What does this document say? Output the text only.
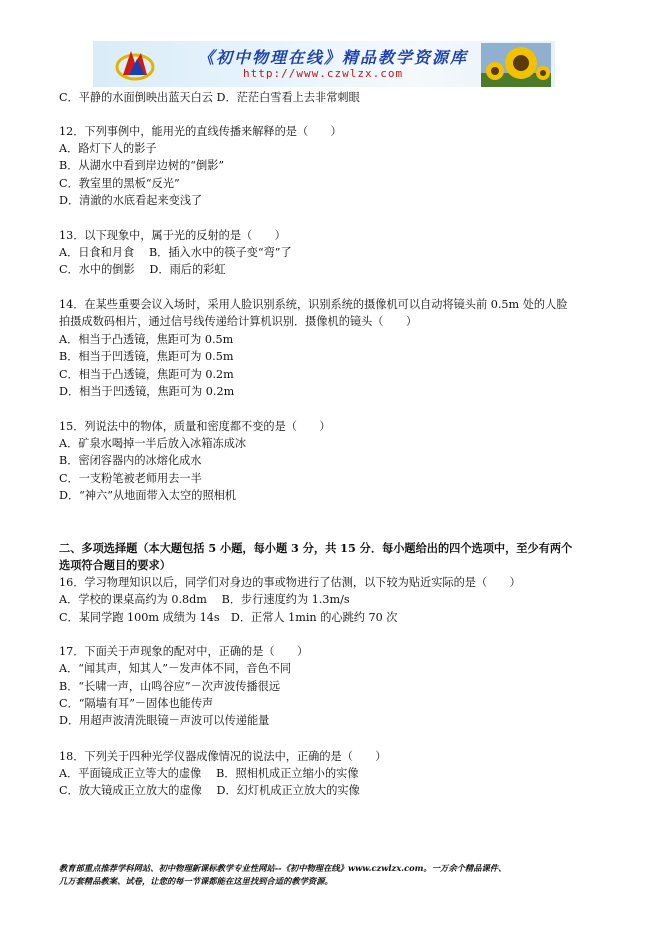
《初中物理在线》精品教学资源库
http://www.czwlzx.com
C．平静的水面倒映出蓝天白云 D．茫茫白雪看上去非常刺眼
12．下列事例中，能用光的直线传播来解释的是（　　）
A．路灯下人的影子
B．从湖水中看到岸边树的“倒影”
C．教室里的黑板“反光”
D．清澈的水底看起来变浅了
13．以下现象中，属于光的反射的是（　　）
A．日食和月食　 B．插入水中的筷子变“弯”了
C．水中的倒影　 D．雨后的彩虹
14．在某些重要会议入场时，采用人脸识别系统，识别系统的摄像机可以自动将镜头前 0.5m 处的人脸
拍摄成数码相片，通过信号线传递给计算机识别．摄像机的镜头（　　）
A．相当于凸透镜，焦距可为 0.5m
B．相当于凹透镜，焦距可为 0.5m
C．相当于凸透镜，焦距可为 0.2m
D．相当于凹透镜，焦距可为 0.2m
15．列说法中的物体，质量和密度都不变的是（　　）
A．矿泉水喝掉一半后放入冰箱冻成冰
B．密闭容器内的冰熔化成水
C．一支粉笔被老师用去一半
D．“神六”从地面带入太空的照相机
二、多项选择题（本大题包括 5 小题，每小题 3 分，共 15 分．每小题给出的四个选项中，至少有两个
选项符合题目的要求）
16．学习物理知识以后，同学们对身边的事或物进行了估测，以下较为贴近实际的是（　　）
A．学校的课桌高约为 0.8dm　 B．步行速度约为 1.3m/s
C．某同学跑 100m 成绩为 14s　D．正常人 1min 的心跳约 70 次
17．下面关于声现象的配对中，正确的是（　　）
A．“闻其声，知其人”－发声体不同，音色不同
B．“长啸一声，山鸣谷应”－次声波传播很远
C．“隔墙有耳”－固体也能传声
D．用超声波清洗眼镜－声波可以传递能量
18．下列关于四种光学仪器成像情况的说法中，正确的是（　　）
A．平面镜成正立等大的虚像　 B．照相机成正立缩小的实像
C．放大镜成正立放大的虚像　 D．幻灯机成正立放大的实像
教育部重点推荐学科网站、初中物理新课标教学专业性网站--《初中物理在线》www.czwlzx.com。一万余个精品课件、
几万套精品教案、试卷，让您的每一节课都能在这里找到合适的教学资源。
